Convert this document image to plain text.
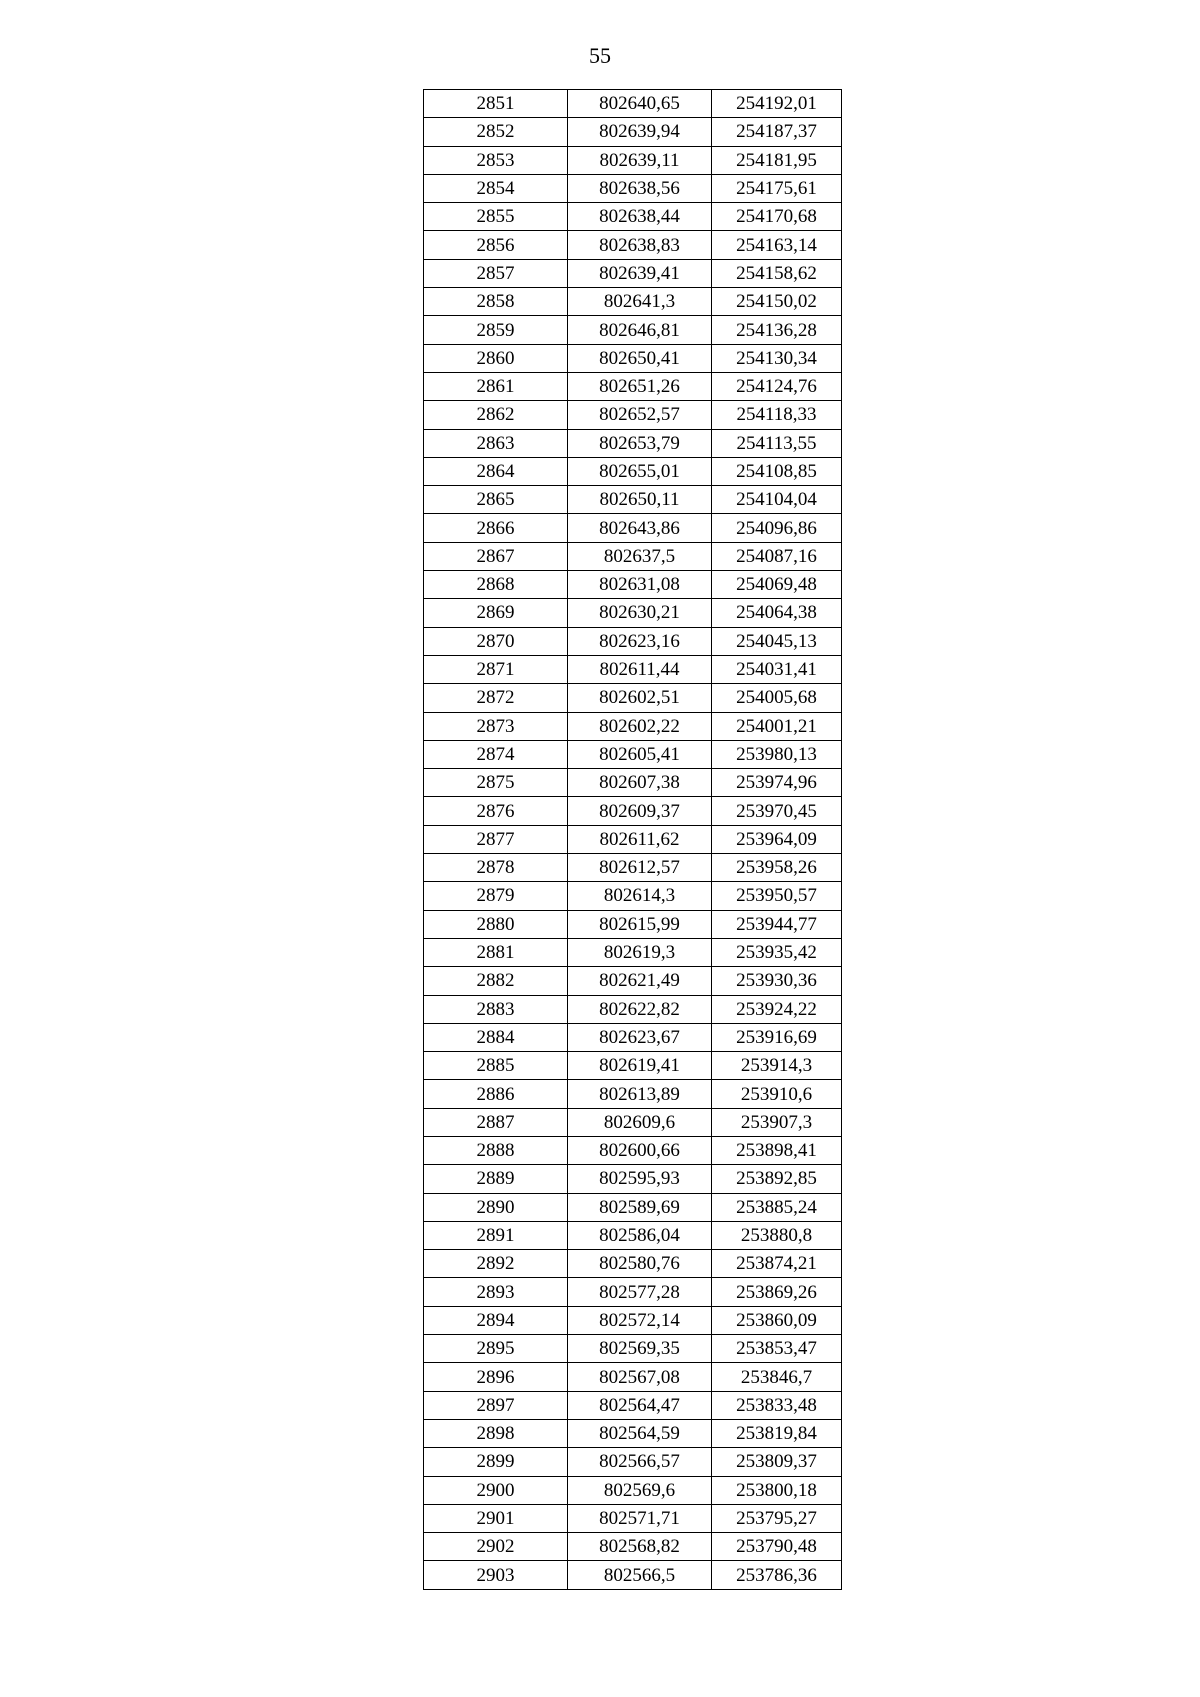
55
2851	802640,65	254192,01
2852	802639,94	254187,37
2853	802639,11	254181,95
2854	802638,56	254175,61
2855	802638,44	254170,68
2856	802638,83	254163,14
2857	802639,41	254158,62
2858	802641,3	254150,02
2859	802646,81	254136,28
2860	802650,41	254130,34
2861	802651,26	254124,76
2862	802652,57	254118,33
2863	802653,79	254113,55
2864	802655,01	254108,85
2865	802650,11	254104,04
2866	802643,86	254096,86
2867	802637,5	254087,16
2868	802631,08	254069,48
2869	802630,21	254064,38
2870	802623,16	254045,13
2871	802611,44	254031,41
2872	802602,51	254005,68
2873	802602,22	254001,21
2874	802605,41	253980,13
2875	802607,38	253974,96
2876	802609,37	253970,45
2877	802611,62	253964,09
2878	802612,57	253958,26
2879	802614,3	253950,57
2880	802615,99	253944,77
2881	802619,3	253935,42
2882	802621,49	253930,36
2883	802622,82	253924,22
2884	802623,67	253916,69
2885	802619,41	253914,3
2886	802613,89	253910,6
2887	802609,6	253907,3
2888	802600,66	253898,41
2889	802595,93	253892,85
2890	802589,69	253885,24
2891	802586,04	253880,8
2892	802580,76	253874,21
2893	802577,28	253869,26
2894	802572,14	253860,09
2895	802569,35	253853,47
2896	802567,08	253846,7
2897	802564,47	253833,48
2898	802564,59	253819,84
2899	802566,57	253809,37
2900	802569,6	253800,18
2901	802571,71	253795,27
2902	802568,82	253790,48
2903	802566,5	253786,36
